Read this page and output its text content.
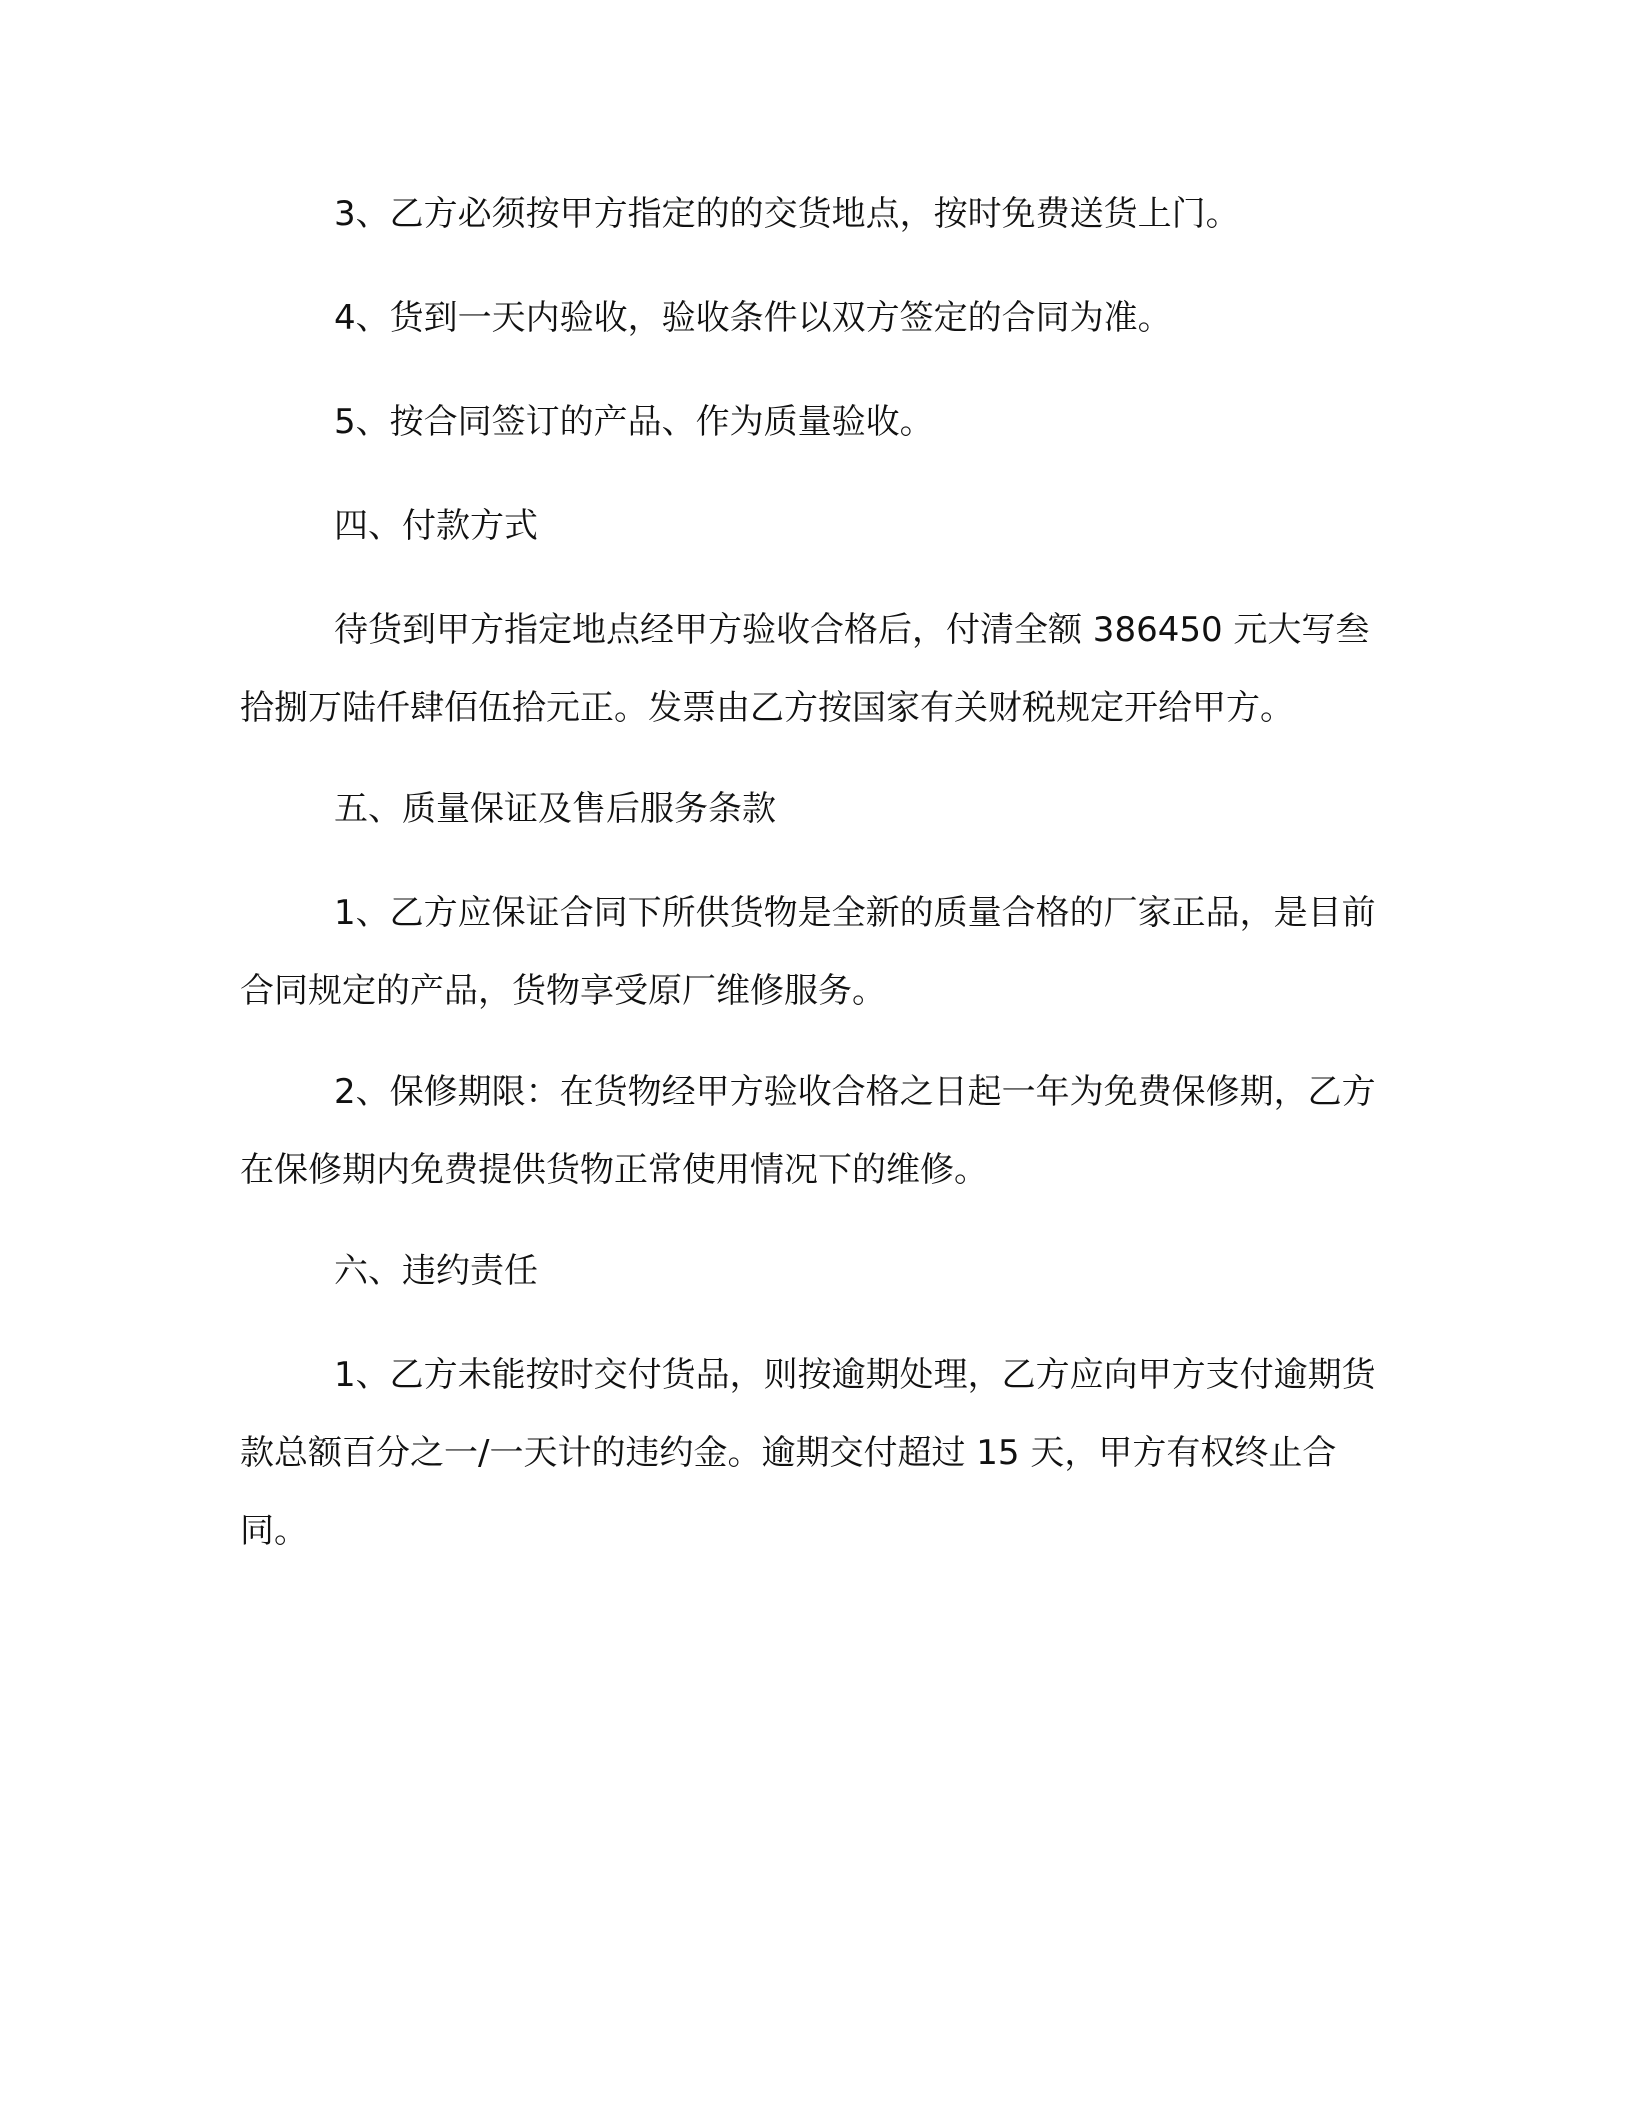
3、乙方必须按甲方指定的的交货地点，按时免费送货上门。

4、货到一天内验收，验收条件以双方签定的合同为准。

5、按合同签订的产品、作为质量验收。

四、付款方式

待货到甲方指定地点经甲方验收合格后，付清全额 386450 元大写叁拾捌万陆仟肆佰伍拾元正。发票由乙方按国家有关财税规定开给甲方。

五、质量保证及售后服务条款

1、乙方应保证合同下所供货物是全新的质量合格的厂家正品，是目前合同规定的产品，货物享受原厂维修服务。

2、保修期限：在货物经甲方验收合格之日起一年为免费保修期，乙方在保修期内免费提供货物正常使用情况下的维修。

六、违约责任

1、乙方未能按时交付货品，则按逾期处理，乙方应向甲方支付逾期货款总额百分之一/一天计的违约金。逾期交付超过 15 天，甲方有权终止合同。
